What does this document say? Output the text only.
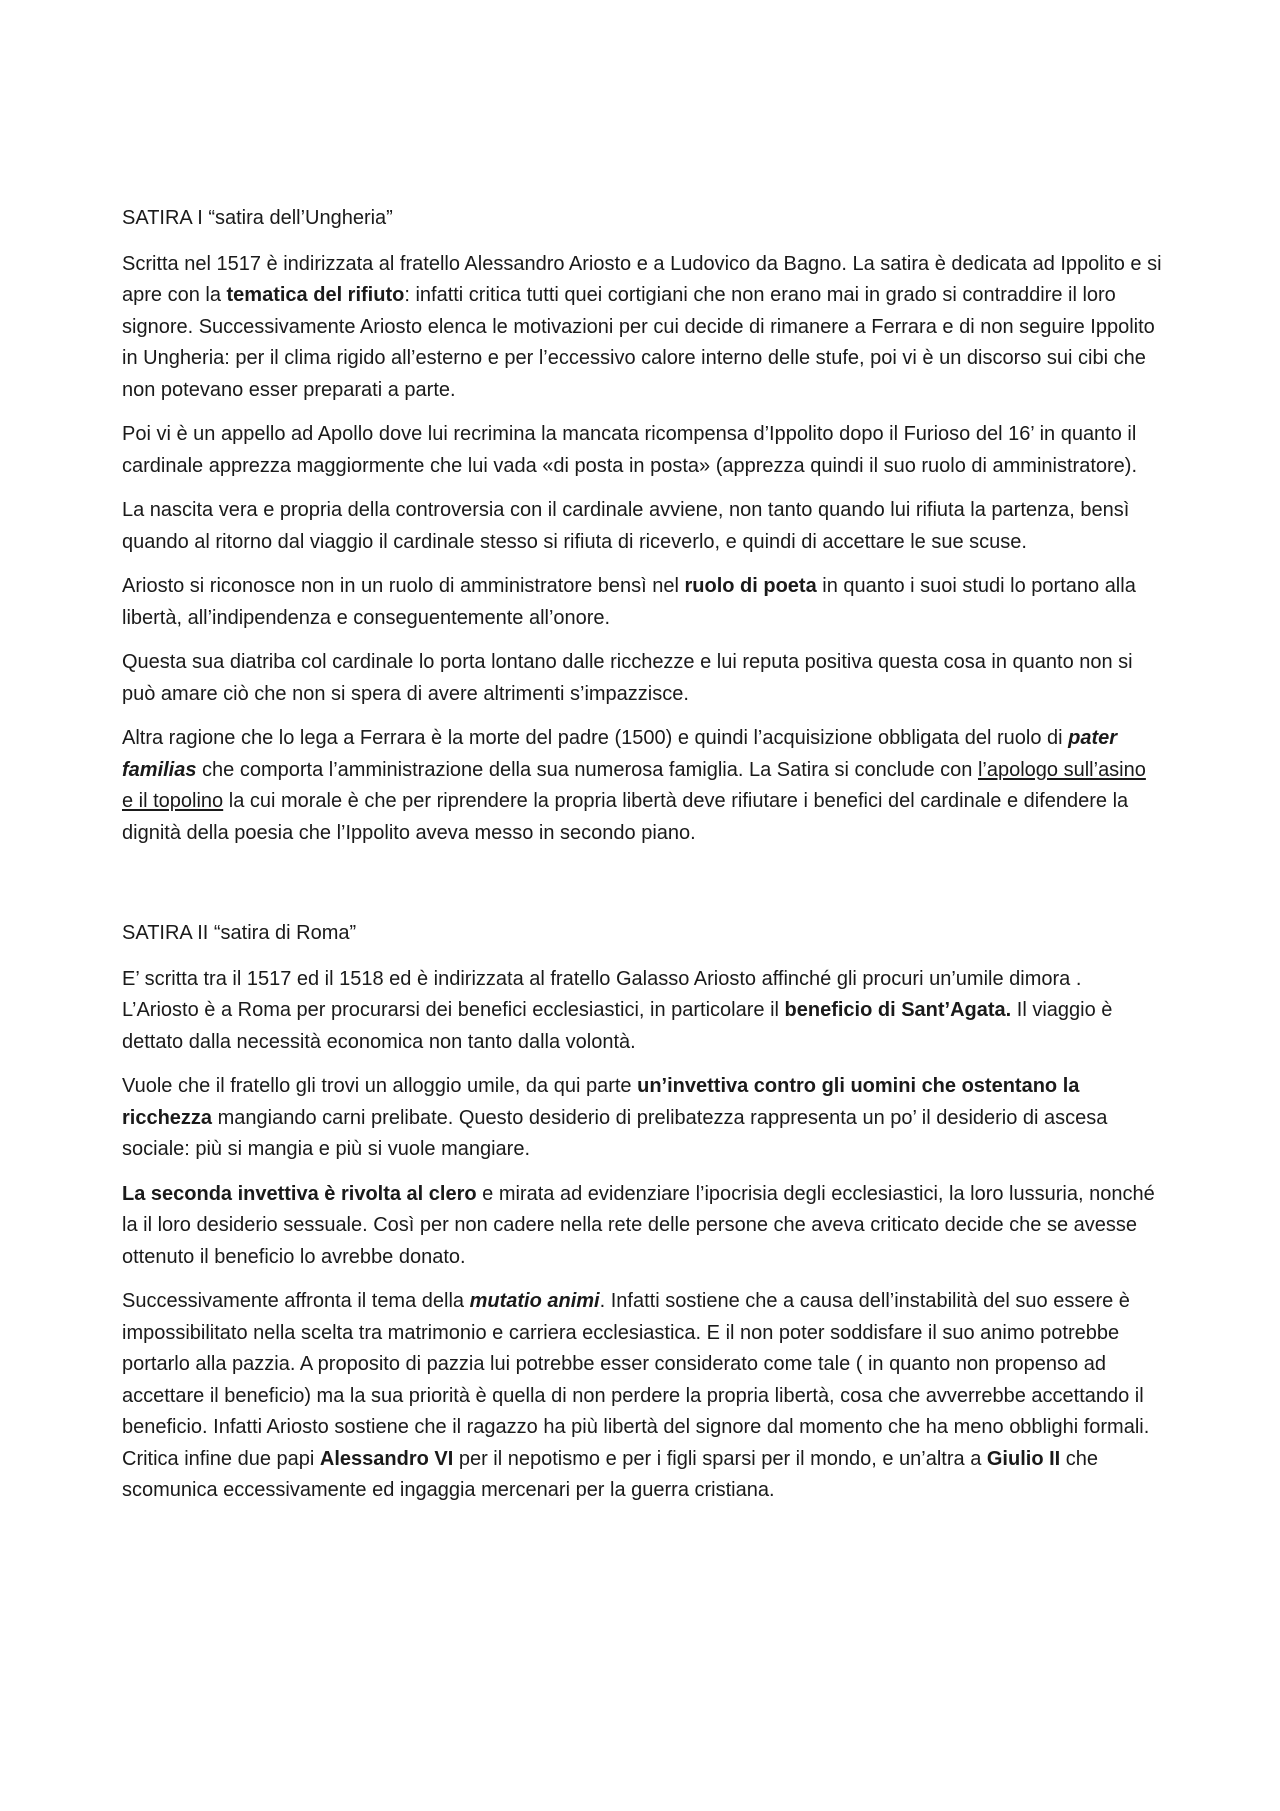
SATIRA I “satira dell’Ungheria”

Scritta nel 1517 è indirizzata al fratello Alessandro Ariosto e a Ludovico da Bagno. La satira è dedicata ad Ippolito e si apre con la tematica del rifiuto: infatti critica tutti quei cortigiani che non erano mai in grado si contraddire il loro signore. Successivamente Ariosto elenca le motivazioni per cui decide di rimanere a Ferrara e di non seguire Ippolito in Ungheria: per il clima rigido all’esterno e per l’eccessivo calore interno delle stufe, poi vi è un discorso sui cibi che non potevano esser preparati a parte.

Poi vi è un appello ad Apollo dove lui recrimina la mancata ricompensa d’Ippolito dopo il Furioso del 16’ in quanto il cardinale apprezza maggiormente che lui vada «di posta in posta» (apprezza quindi il suo ruolo di amministratore).

La nascita vera e propria della controversia con il cardinale avviene, non tanto quando lui rifiuta la partenza, bensì quando al ritorno dal viaggio il cardinale stesso si rifiuta di riceverlo, e quindi di accettare le sue scuse.

Ariosto si riconosce non in un ruolo di amministratore bensì nel ruolo di poeta in quanto i suoi studi lo portano alla libertà, all’indipendenza e conseguentemente all’onore.

Questa sua diatriba col cardinale lo porta lontano dalle ricchezze e lui reputa positiva questa cosa in quanto non si può amare ciò che non si spera di avere altrimenti s’impazzisce.

Altra ragione che lo lega a Ferrara è la morte del padre (1500) e quindi l’acquisizione obbligata del ruolo di pater familias che comporta l’amministrazione della sua numerosa famiglia. La Satira si conclude con l’apologo sull’asino e il topolino la cui morale è che per riprendere la propria libertà deve rifiutare i benefici del cardinale e difendere la dignità della poesia che l’Ippolito aveva messo in secondo piano.

SATIRA II “satira di Roma”

E’ scritta tra il 1517 ed il 1518 ed è indirizzata al fratello Galasso Ariosto affinché gli procuri un’umile dimora . L’Ariosto è a Roma per procurarsi dei benefici ecclesiastici, in particolare il beneficio di Sant’Agata. Il viaggio è dettato dalla necessità economica non tanto dalla volontà.

Vuole che il fratello gli trovi un alloggio umile, da qui parte un’invettiva contro gli uomini che ostentano la ricchezza mangiando carni prelibate. Questo desiderio di prelibatezza rappresenta un po’ il desiderio di ascesa sociale: più si mangia e più si vuole mangiare.

La seconda invettiva è rivolta al clero e mirata ad evidenziare l’ipocrisia degli ecclesiastici, la loro lussuria, nonché la il loro desiderio sessuale. Così per non cadere nella rete delle persone che aveva criticato decide che se avesse ottenuto il beneficio lo avrebbe donato.

Successivamente affronta il tema della mutatio animi. Infatti sostiene che a causa dell’instabilità del suo essere è impossibilitato nella scelta tra matrimonio e carriera ecclesiastica. E il non poter soddisfare il suo animo potrebbe portarlo alla pazzia. A proposito di pazzia lui potrebbe esser considerato come tale ( in quanto non propenso ad accettare il beneficio) ma la sua priorità è quella di non perdere la propria libertà, cosa che avverrebbe accettando il beneficio. Infatti Ariosto sostiene che il ragazzo ha più libertà del signore dal momento che ha meno obblighi formali. Critica infine due papi Alessandro VI per il nepotismo e per i figli sparsi per il mondo, e un’altra a Giulio II che scomunica eccessivamente ed ingaggia mercenari per la guerra cristiana.
